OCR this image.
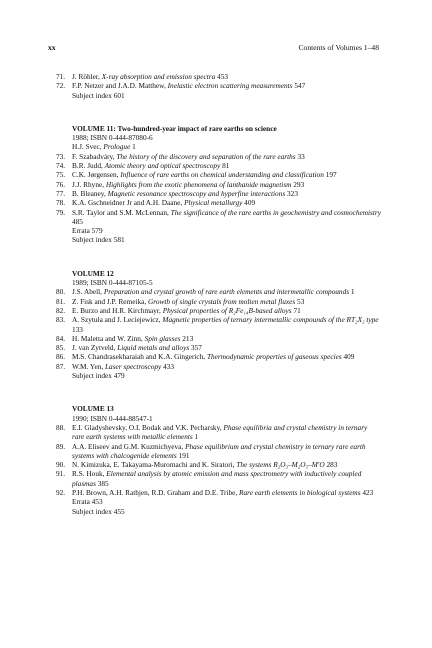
xx	Contents of Volumes 1–48
71. J. Röhler, X-ray absorption and emission spectra 453
72. F.P. Netzer and J.A.D. Matthew, Inelastic electron scattering measurements 547
Subject index 601
VOLUME 11: Two-hundred-year impact of rare earths on science
1988; ISBN 0-444-87080-6
H.J. Svec, Prologue 1
73. F. Szabadváry, The history of the discovery and separation of the rare earths 33
74. B.R. Judd, Atomic theory and optical spectroscopy 81
75. C.K. Jørgensen, Influence of rare earths on chemical understanding and classification 197
76. J.J. Rhyne, Highlights from the exotic phenomena of lanthanide magnetism 293
77. B. Bleaney, Magnetic resonance spectroscopy and hyperfine interactions 323
78. K.A. Gschneidner Jr and A.H. Daane, Physical metallurgy 409
79. S.R. Taylor and S.M. McLennan, The significance of the rare earths in geochemistry and cosmochemistry 485
Errata 579
Subject index 581
VOLUME 12
1989; ISBN 0-444-87105-5
80. J.S. Abell, Preparation and crystal growth of rare earth elements and intermetallic compounds 1
81. Z. Fisk and J.P. Remeika, Growth of single crystals from molten metal fluxes 53
82. E. Burzo and H.R. Kirchmayr, Physical properties of R₂Fe₁₄B-based alloys 71
83. A. Szytuła and J. Leciejewicz, Magnetic properties of ternary intermetallic compounds of the RT₂X₂ type 133
84. H. Maletta and W. Zinn, Spin glasses 213
85. J. van Zytveld, Liquid metals and alloys 357
86. M.S. Chandrasekharaiah and K.A. Gingerich, Thermodynamic properties of gaseous species 409
87. W.M. Yen, Laser spectroscopy 433
Subject index 479
VOLUME 13
1990; ISBN 0-444-88547-1
88. E.I. Gladyshevsky, O.I. Bodak and V.K. Pecharsky, Phase equilibria and crystal chemistry in ternary rare earth systems with metallic elements 1
89. A.A. Eliseev and G.M. Kuzmichyeva, Phase equilibrium and crystal chemistry in ternary rare earth systems with chalcogenide elements 191
90. N. Kimizuka, E. Takayama-Muromachi and K. Siratori, The systems R₂O₃–M₂O₃–M′O 283
91. R.S. Houk, Elemental analysis by atomic emission and mass spectrometry with inductively coupled plasmas 385
92. P.H. Brown, A.H. Rathjen, R.D. Graham and D.E. Tribe, Rare earth elements in biological systems 423
Errata 453
Subject index 455
